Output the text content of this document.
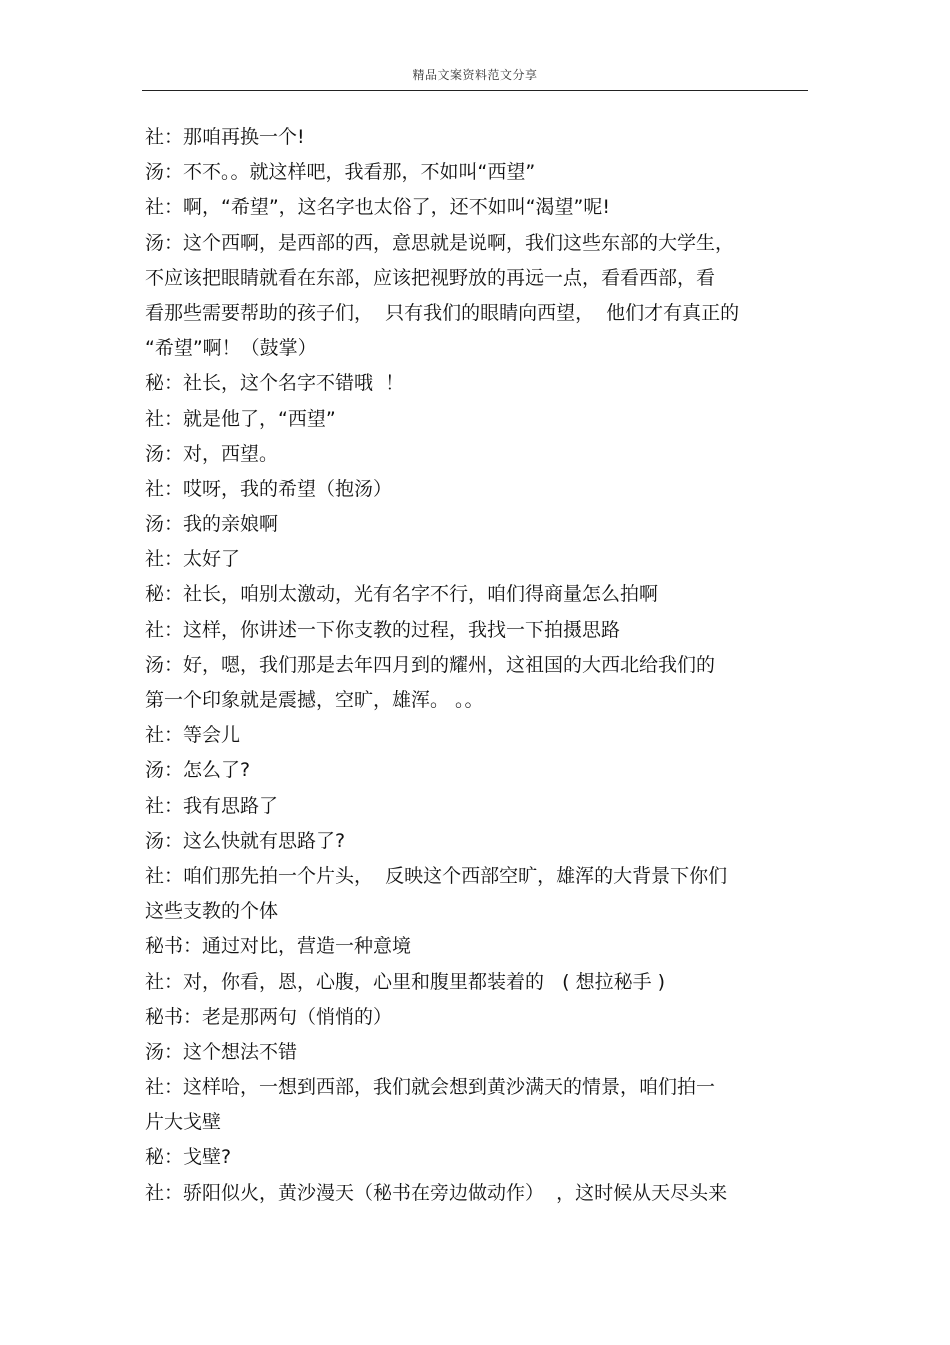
精品文案资料范文分享
社：那咱再换一个!
汤：不不。。就这样吧，我看那，不如叫“西望”
社：啊，“希望”，这名字也太俗了，还不如叫“渴望”呢!
汤：这个西啊，是西部的西，意思就是说啊，我们这些东部的大学生，
不应该把眼睛就看在东部，应该把视野放的再远一点，看看西部，看
看那些需要帮助的孩子们，  只有我们的眼睛向西望，  他们才有真正的
“希望”啊！（鼓掌）
秘：社长，这个名字不错哦  ！
社：就是他了，“西望”
汤：对，西望。
社：哎呀，我的希望（抱汤）
汤：我的亲娘啊
社：太好了
秘：社长，咱别太激动，光有名字不行，咱们得商量怎么拍啊
社：这样，你讲述一下你支教的过程，我找一下拍摄思路
汤：好，嗯，我们那是去年四月到的耀州，这祖国的大西北给我们的
第一个印象就是震撼，空旷，雄浑。 。。
社：等会儿
汤：怎么了?
社：我有思路了
汤：这么快就有思路了?
社：咱们那先拍一个片头，  反映这个西部空旷，雄浑的大背景下你们
这些支教的个体
秘书：通过对比，营造一种意境
社：对，你看，恩，心腹，心里和腹里都装着的   ( 想拉秘手 )
秘书：老是那两句（悄悄的）
汤：这个想法不错
社：这样哈，一想到西部，我们就会想到黄沙满天的情景，咱们拍一
片大戈壁
秘：戈壁?
社：骄阳似火，黄沙漫天（秘书在旁边做动作）  ，这时候从天尽头来
